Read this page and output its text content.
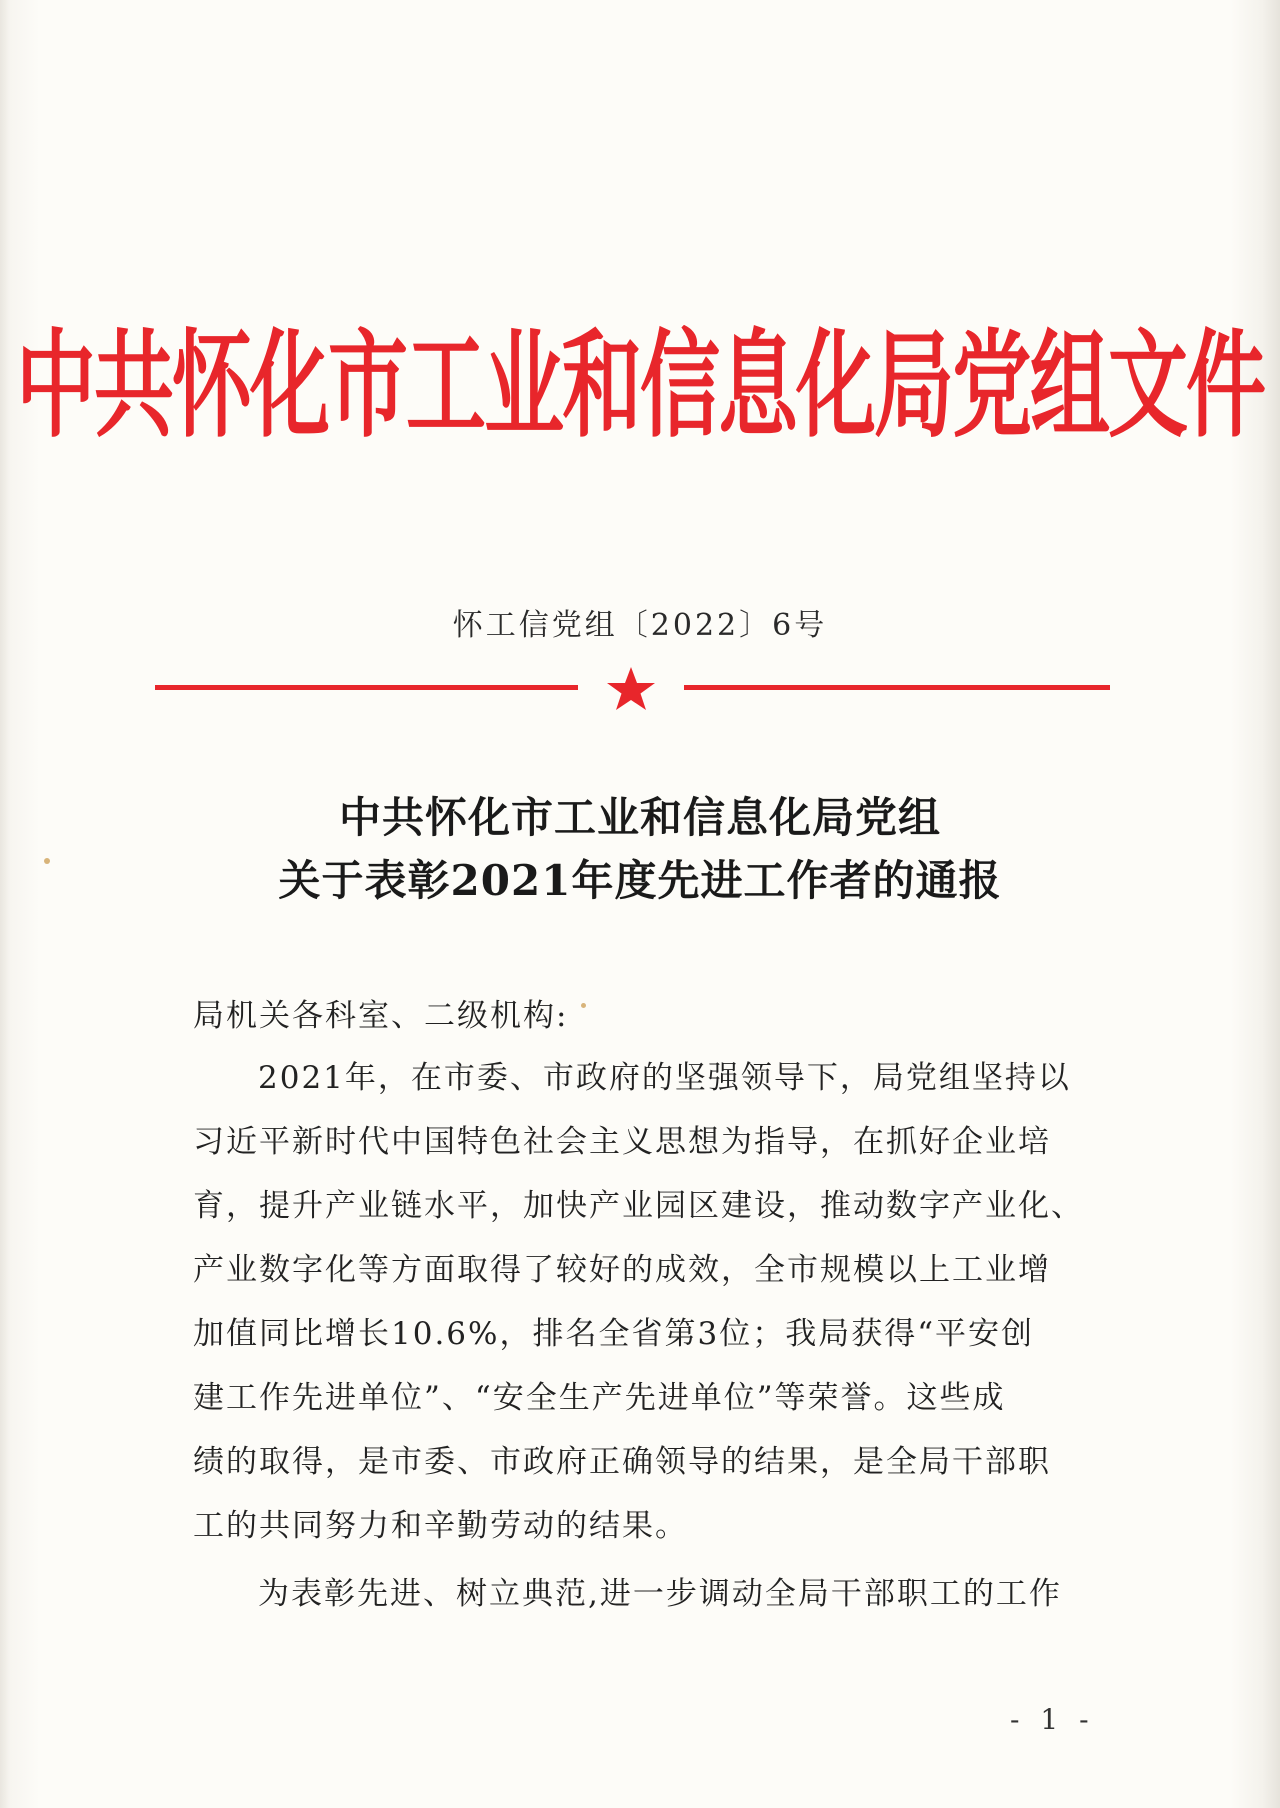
中共怀化市工业和信息化局党组文件
怀工信党组〔2022〕6号
中共怀化市工业和信息化局党组
关于表彰2021年度先进工作者的通报
局机关各科室、二级机构:
2021年，在市委、市政府的坚强领导下，局党组坚持以
习近平新时代中国特色社会主义思想为指导，在抓好企业培
育，提升产业链水平，加快产业园区建设，推动数字产业化、
产业数字化等方面取得了较好的成效，全市规模以上工业增
加值同比增长10.6%，排名全省第3位；我局获得“平安创
建工作先进单位”、“安全生产先进单位”等荣誉。这些成
绩的取得，是市委、市政府正确领导的结果，是全局干部职
工的共同努力和辛勤劳动的结果。
为表彰先进、树立典范,进一步调动全局干部职工的工作
- 1 -
